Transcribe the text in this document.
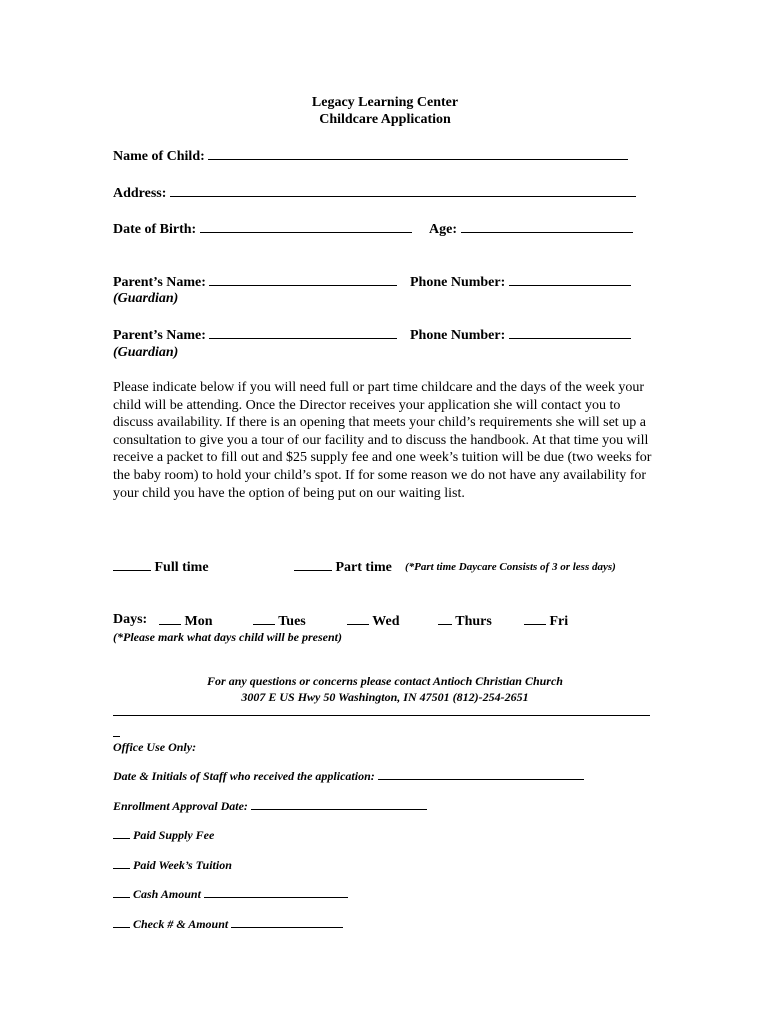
Legacy Learning Center
Childcare Application
Name of Child:
Address:
Date of Birth:	Age:
Parent’s Name:	Phone Number:
(Guardian)
Parent’s Name:	Phone Number:
(Guardian)
Please indicate below if you will need full or part time childcare and the days of the week your child will be attending. Once the Director receives your application she will contact you to discuss availability. If there is an opening that meets your child’s requirements she will set up a consultation to give you a tour of our facility and to discuss the handbook. At that time you will receive a packet to fill out and $25 supply fee and one week’s tuition will be due (two weeks for the baby room) to hold your child’s spot. If for some reason we do not have any availability for your child you have the option of being put on our waiting list.
Full time	Part time (*Part time Daycare Consists of 3 or less days)
Days:	Mon	Tues	Wed	Thurs	Fri
(*Please mark what days child will be present)
For any questions or concerns please contact Antioch Christian Church
3007 E US Hwy 50 Washington, IN 47501 (812)-254-2651
Office Use Only:
Date & Initials of Staff who received the application:
Enrollment Approval Date:
Paid Supply Fee
Paid Week’s Tuition
Cash Amount
Check # & Amount
